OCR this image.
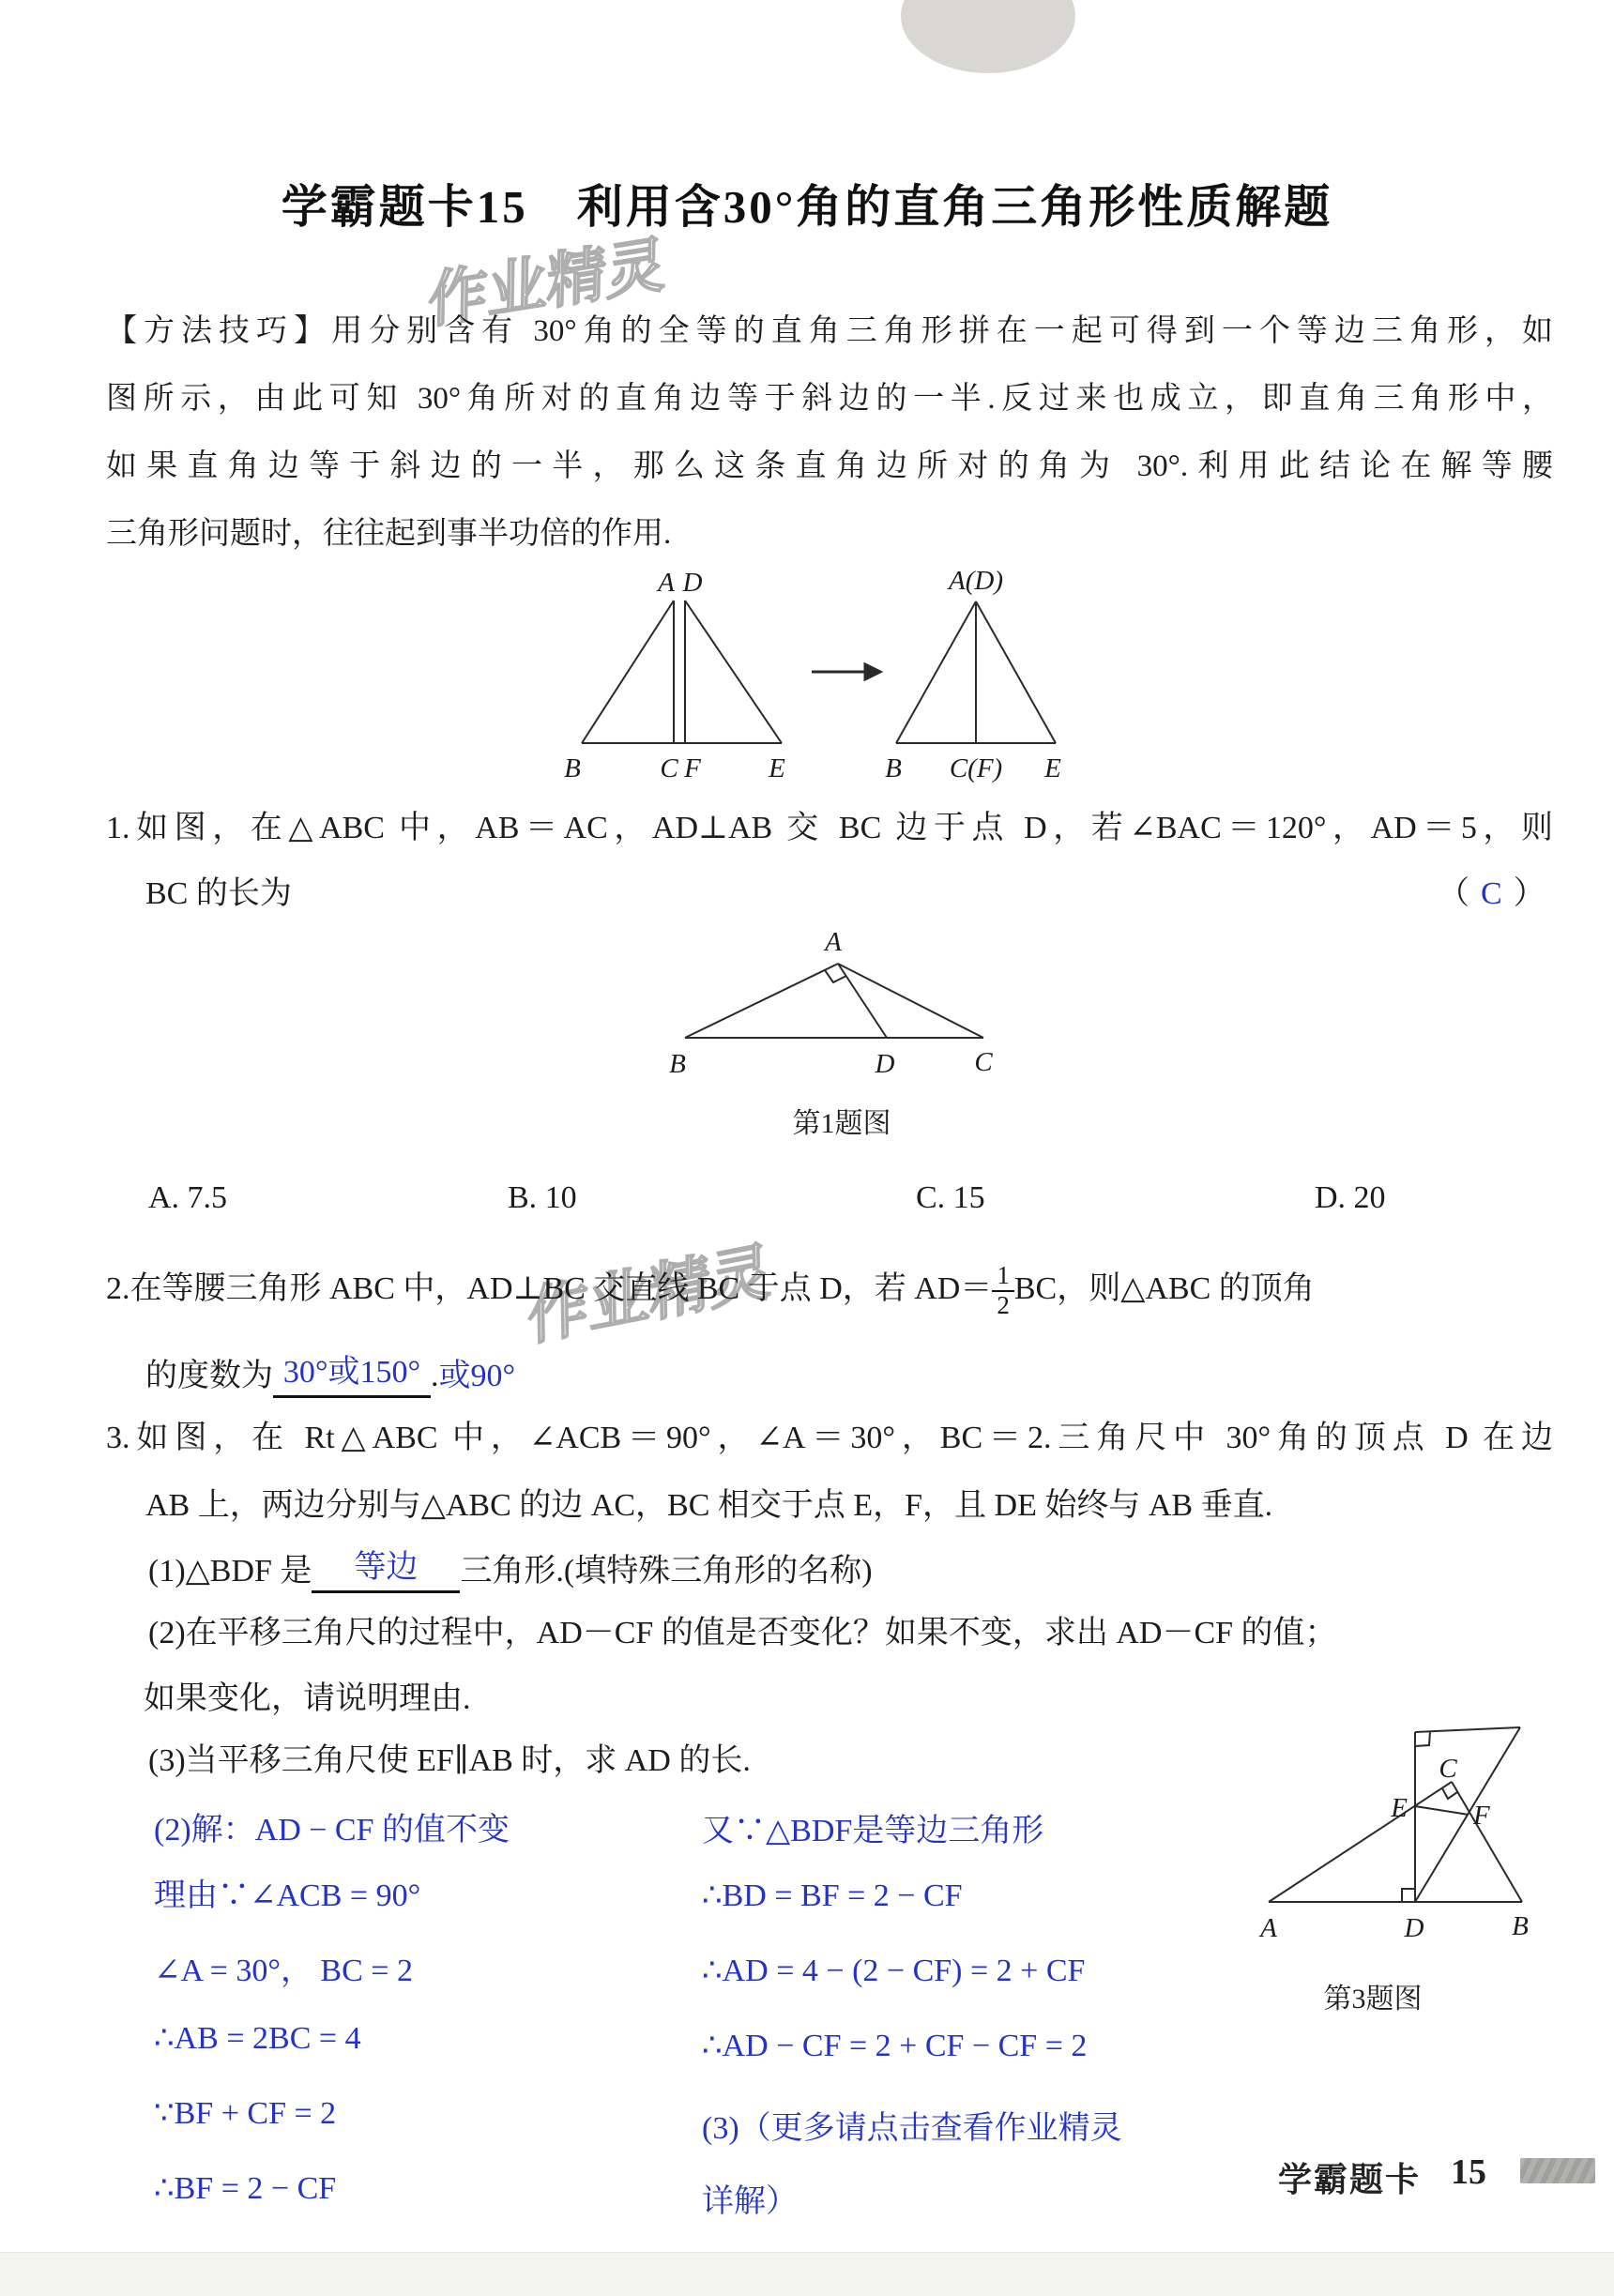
学霸题卡15　利用含30°角的直角三角形性质解题
作业精灵
作业精灵
【方法技巧】用分别含有 30°角的全等的直角三角形拼在一起可得到一个等边三角形，如
图所示，由此可知 30°角所对的直角边等于斜边的一半.反过来也成立，即直角三角形中，
如果直角边等于斜边的一半，那么这条直角边所对的角为 30°.利用此结论在解等腰
三角形问题时，往往起到事半功倍的作用.
A D
B	C F E
A(D)
B C(F) E
1.如图，在△ABC 中，AB＝AC，AD⊥AB 交 BC 边于点 D，若∠BAC＝120°，AD＝5，则
BC 的长为	（ C ）
A
B	D	C
第1题图
A. 7.5	B. 10	C. 15	D. 20
2.在等腰三角形 ABC 中，AD⊥BC 交直线 BC 于点 D，若 $AD= \frac{1}{2}$ BC，则△ABC 的顶角
的度数为 30°或150° .或90°
3.如图，在 Rt△ABC 中，∠ACB＝90°，∠A＝30°，BC＝2.三角尺中 30°角的顶点 D 在边
AB 上，两边分别与△ABC 的边 AC，BC 相交于点 E，F，且 DE 始终与 AB 垂直.
(1)△BDF 是 等边 三角形.(填特殊三角形的名称)
(2)在平移三角尺的过程中，AD－CF 的值是否变化？如果不变，求出 AD－CF 的值；
如果变化，请说明理由.
(3)当平移三角尺使 EF∥AB 时，求 AD 的长.
A	D	B
C
E F
第3题图
(2)解：AD − CF 的值不变
理由∵∠ACB = 90°
∠A = 30°， BC = 2
∴AB = 2BC = 4
∵BF + CF = 2
∴BF = 2 − CF
又∵△BDF是等边三角形
∴BD = BF = 2 − CF
∴AD = 4 − (2 − CF) = 2 + CF
∴AD − CF = 2 + CF − CF = 2
(3)（更多请点击查看作业精灵
详解）
学霸题卡 15
